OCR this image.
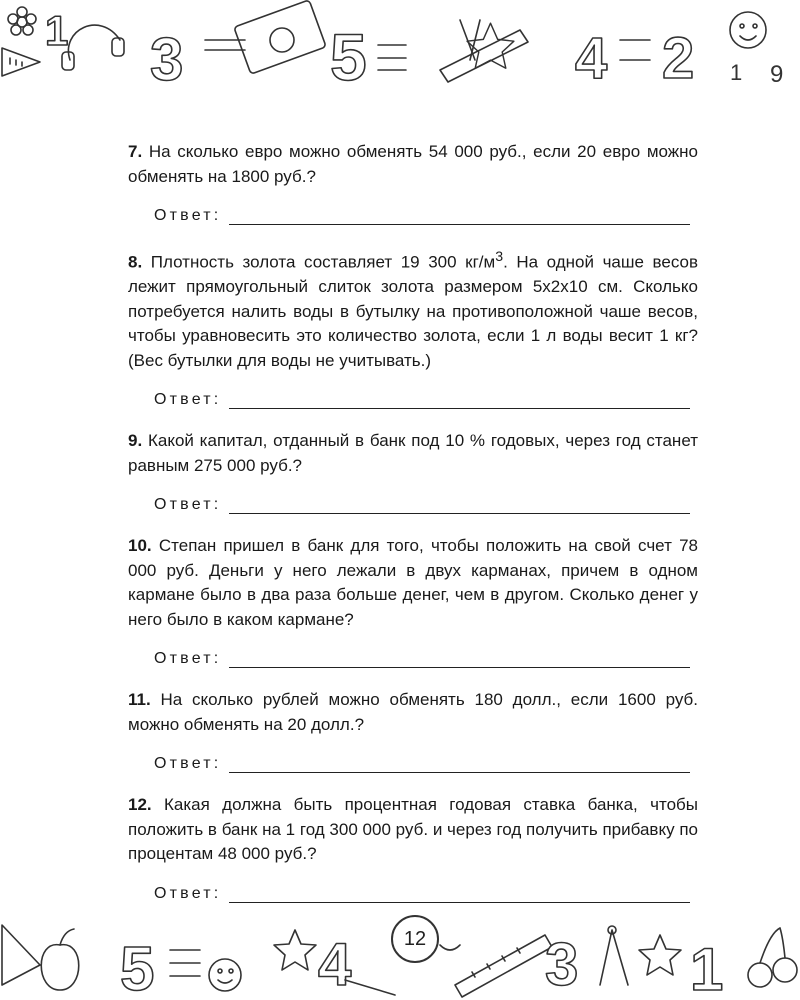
1 3 5	4 2 1 9

7. На сколько евро можно обменять 54 000 руб., если 20 евро можно обменять на 1800 руб.?

Ответ:

8. Плотность золота составляет 19 300 $кг/м^3$. На одной чаше весов лежит прямоугольный слиток золота размером 5х2х10 см. Сколько потребуется налить воды в бутылку на противоположной чаше весов, чтобы уравновесить это количество золота, если 1 л воды весит 1 кг? (Вес бутылки для воды не учитывать.)

Ответ:

9. Какой капитал, отданный в банк под 10 % годовых, через год станет равным 275 000 руб.?

Ответ:

10. Степан пришел в банк для того, чтобы положить на свой счет 78 000 руб. Деньги у него лежали в двух карманах, причем в одном кармане было в два раза больше денег, чем в другом. Сколько денег у него было в каком кармане?

Ответ:

11. На сколько рублей можно обменять 180 долл., если 1600 руб. можно обменять на 20 долл.?

Ответ:

12. Какая должна быть процентная годовая ставка банка, чтобы положить в банк на 1 год 300 000 руб. и через год получить прибавку по процентам 48 000 руб.?

Ответ:
5	4	3 1
12
